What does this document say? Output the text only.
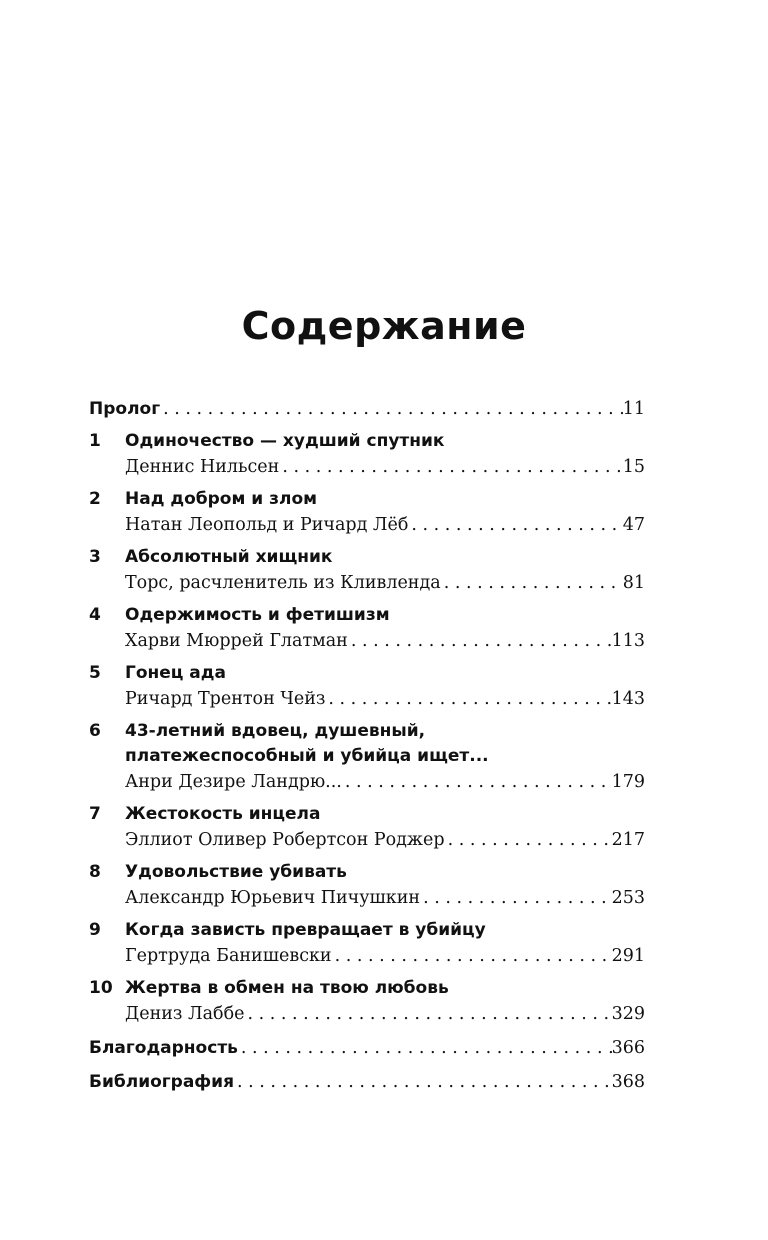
Содержание
Пролог . . .	11
1	Одиночество — худший спутник
Деннис Нильсен . . .	15
2	Над добром и злом
Натан Леопольд и Ричард Лёб . . .	47
3	Абсолютный хищник
Торс, расчленитель из Кливленда . . .	81
4	Одержимость и фетишизм
Харви Мюррей Глатман . . .	113
5	Гонец ада
Ричард Трентон Чейз . . .	143
6	43-летний вдовец, душевный,
платежеспособный и убийца ищет...
Анри Дезире Ландрю... . . .	179
7	Жестокость инцела
Эллиот Оливер Робертсон Роджер . . .	217
8	Удовольствие убивать
Александр Юрьевич Пичушкин . . .	253
9	Когда зависть превращает в убийцу
Гертруда Банишевски . . .	291
10 Жертва в обмен на твою любовь
Дениз Лаббе . . .	329
Благодарность . . .	366
Библиография . . .	368
